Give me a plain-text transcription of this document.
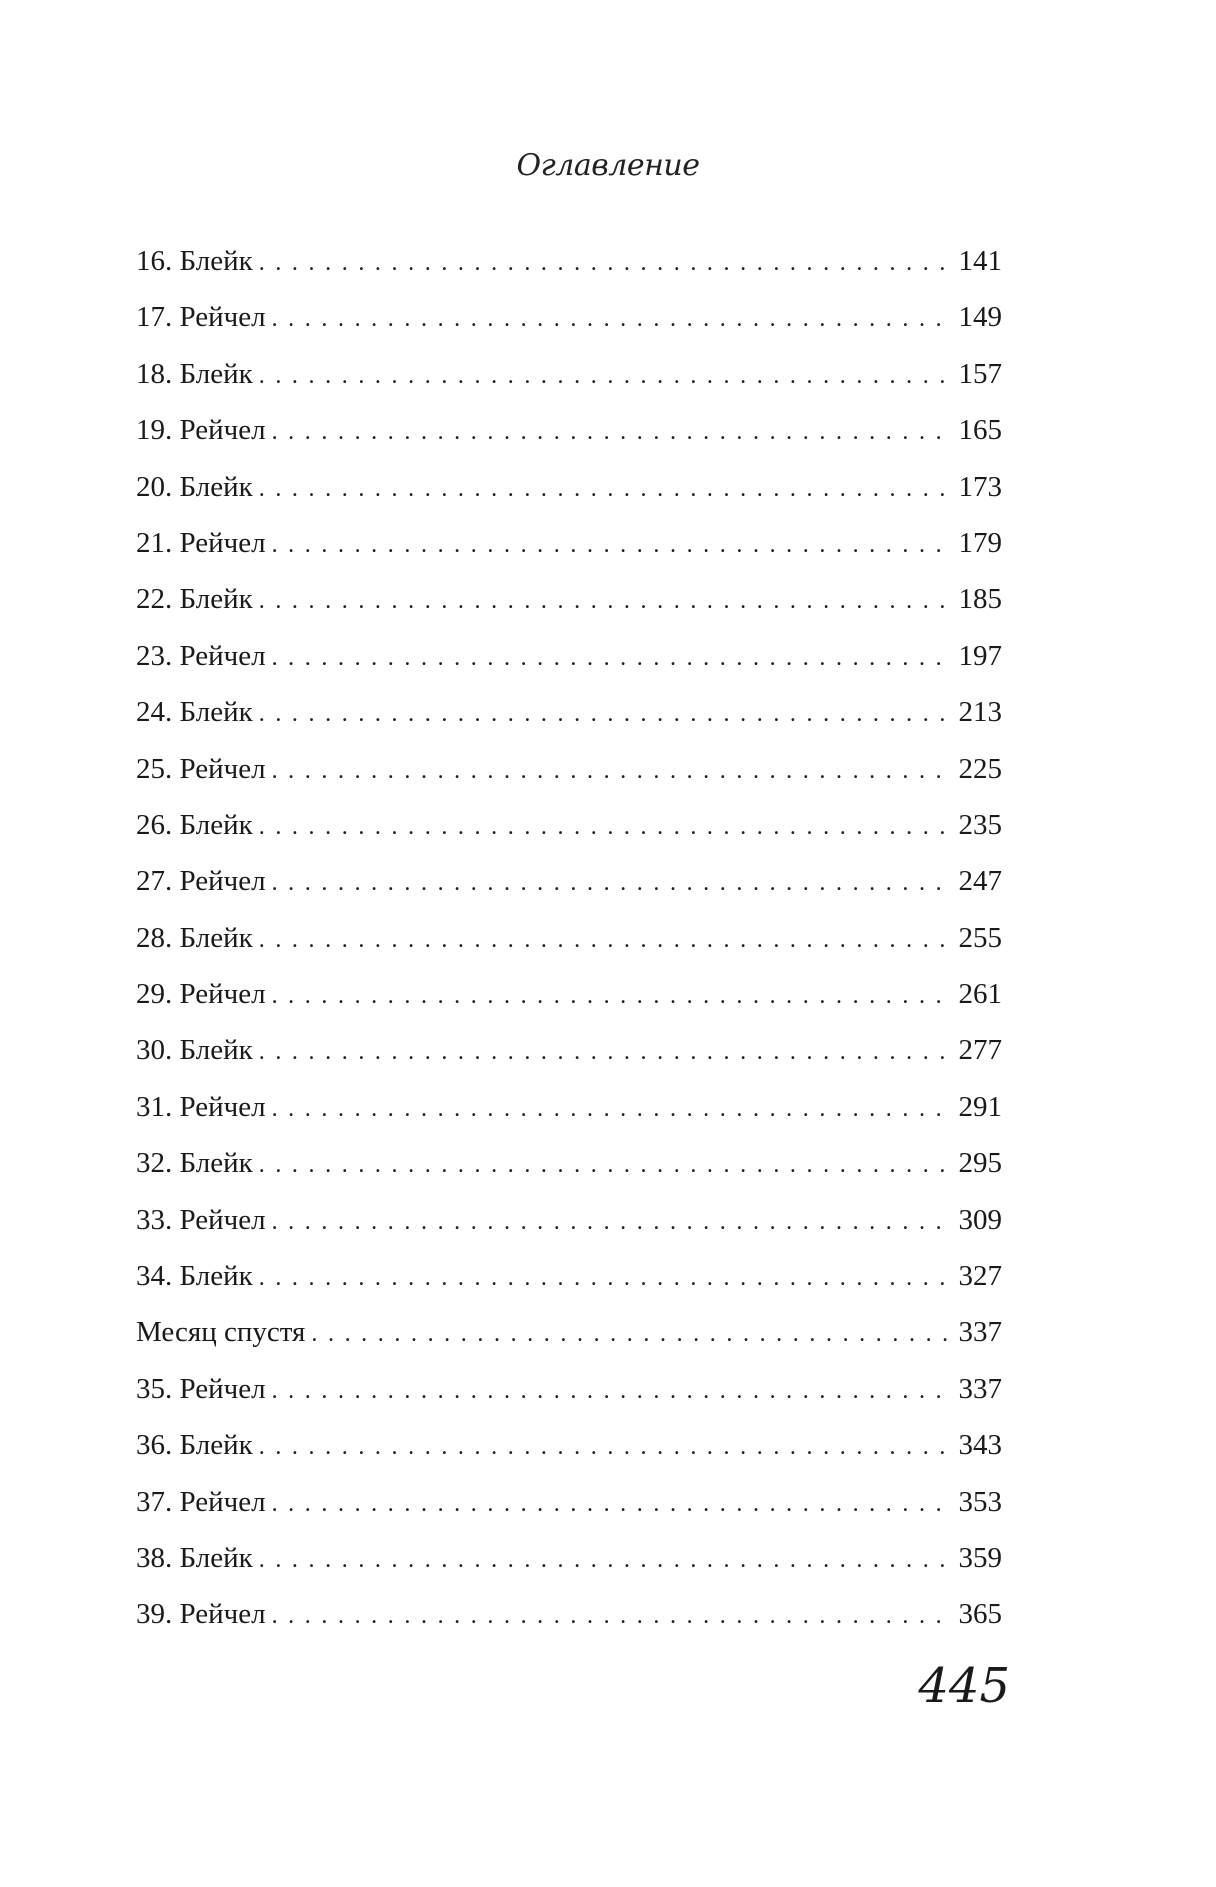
Оглавление
16. Блейк . . .	141
17. Рейчел . . .	149
18. Блейк . . .	157
19. Рейчел . . .	165
20. Блейк . . .	173
21. Рейчел . . .	179
22. Блейк . . .	185
23. Рейчел . . .	197
24. Блейк . . .	213
25. Рейчел . . .	225
26. Блейк . . .	235
27. Рейчел . . .	247
28. Блейк . . .	255
29. Рейчел . . .	261
30. Блейк . . .	277
31. Рейчел . . .	291
32. Блейк . . .	295
33. Рейчел . . .	309
34. Блейк . . .	327
Месяц спустя . . .	337
35. Рейчел . . .	337
36. Блейк . . .	343
37. Рейчел . . .	353
38. Блейк . . .	359
39. Рейчел . . .	365
445
